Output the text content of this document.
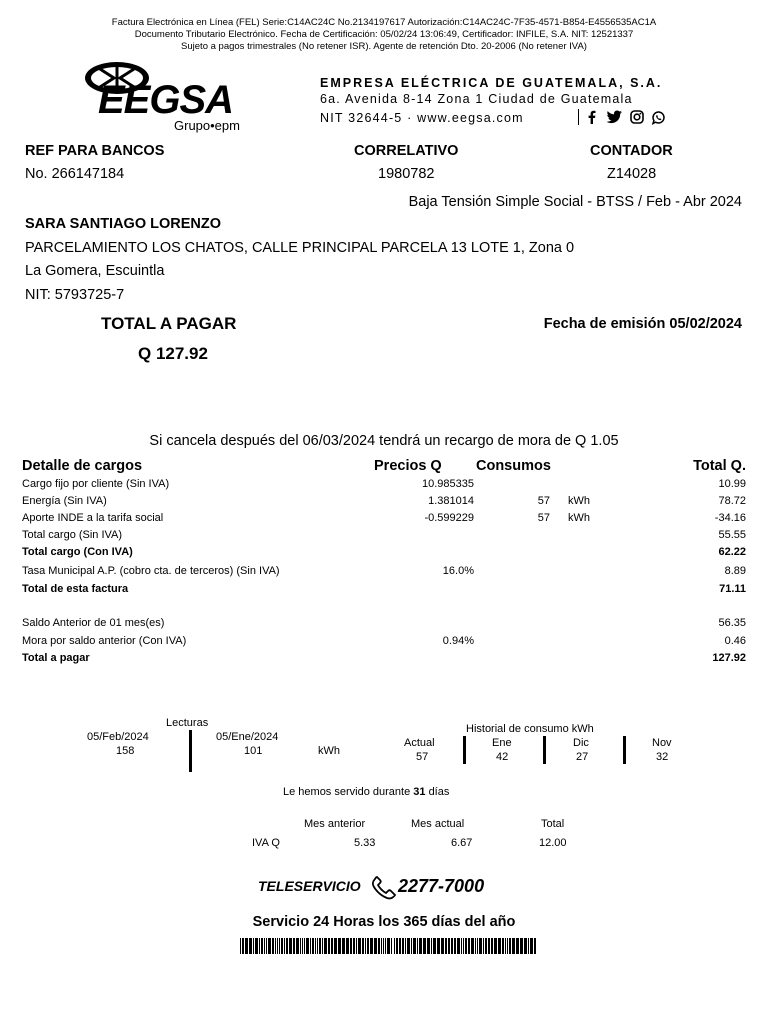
Factura Electrónica en Línea (FEL) Serie:C14AC24C No.2134197617 Autorización:C14AC24C-7F35-4571-B854-E4556535AC1A
Documento Tributario Electrónico. Fecha de Certificación: 05/02/24 13:06:49, Certificador: INFILE, S.A. NIT: 12521337
Sujeto a pagos trimestrales (No retener ISR). Agente de retención Dto. 20-2006 (No retener IVA)
EEGSA
Grupo•epm
EMPRESA ELÉCTRICA DE GUATEMALA, S.A.
6a. Avenida 8-14 Zona 1 Ciudad de Guatemala
NIT 32644-5 · www.eegsa.com
REF PARA BANCOS
No. 266147184
CORRELATIVO
1980782
CONTADOR
Z14028
Baja Tensión Simple Social - BTSS / Feb - Abr 2024
SARA SANTIAGO LORENZO
PARCELAMIENTO LOS CHATOS, CALLE PRINCIPAL PARCELA 13 LOTE 1, Zona 0
La Gomera, Escuintla
NIT: 5793725-7
TOTAL A PAGAR
Q 127.92
Fecha de emisión 05/02/2024
Si cancela después del 06/03/2024 tendrá un recargo de mora de Q 1.05
Detalle de cargos	Precios Q Consumos	Total Q.
Cargo fijo por cliente (Sin IVA)	10.985335	10.99
Energía (Sin IVA)	1.381014	57 kWh	78.72
Aporte INDE a la tarifa social	-0.599229	57 kWh	-34.16
Total cargo (Sin IVA)	55.55
Total cargo (Con IVA)	62.22
Tasa Municipal A.P. (cobro cta. de terceros) (Sin IVA)	16.0%	8.89
Total de esta factura	71.11
Saldo Anterior de 01 mes(es)	56.35
Mora por saldo anterior (Con IVA)	0.94%	0.46
Total a pagar	127.92
Lecturas
05/Feb/2024
158
05/Ene/2024
101	kWh
Historial de consumo kWh
Actual
57
Ene
42
Dic
27
Nov
32
Le hemos servido durante 31 días
Mes anterior	Mes actual	Total
IVA Q	5.33	6.67	12.00
TELESERVICIO 2277-7000
Servicio 24 Horas los 365 días del año
